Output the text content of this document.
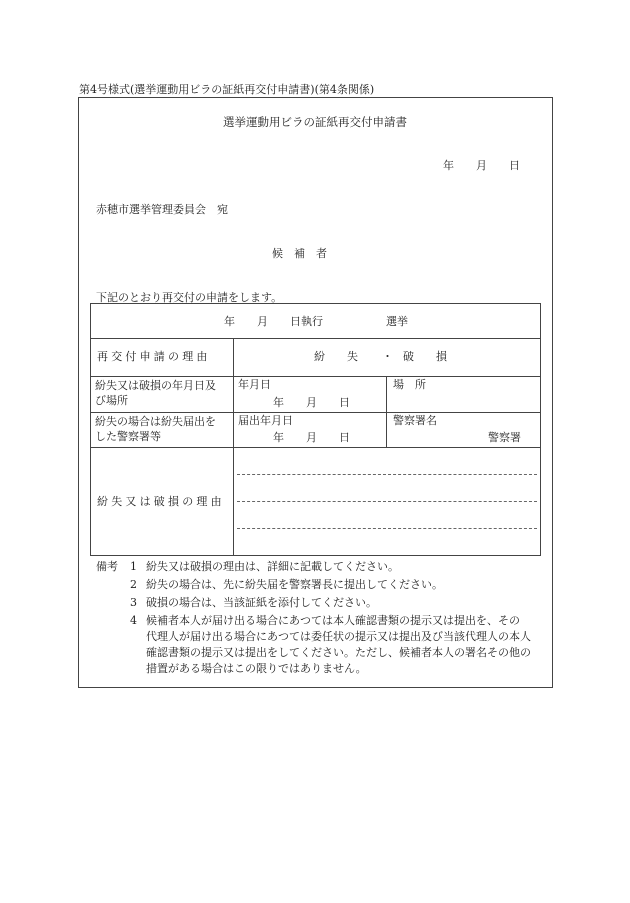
第4号様式(選挙運動用ビラの証紙再交付申請書)(第4条関係)
選挙運動用ビラの証紙再交付申請書
年　　月　　日
赤穂市選挙管理委員会　宛
候　補　者
下記のとおり再交付の申請をします。
年　　月　　日執行	選挙
再交付申請の理由	紛　　失 ・ 破　　損
紛失又は破損の年月日及
び場所
年月日
年　　月　　日
場　所
紛失の場合は紛失届出を
した警察署等
届出年月日
年　　月　　日
警察署名
警察署
紛失又は破損の理由
備考 1 紛失又は破損の理由は、詳細に記載してください。
2 紛失の場合は、先に紛失届を警察署長に提出してください。
3 破損の場合は、当該証紙を添付してください。
4 候補者本人が届け出る場合にあつては本人確認書類の提示又は提出を、その
代理人が届け出る場合にあつては委任状の提示又は提出及び当該代理人の本人
確認書類の提示又は提出をしてください。ただし、候補者本人の署名その他の
措置がある場合はこの限りではありません。
